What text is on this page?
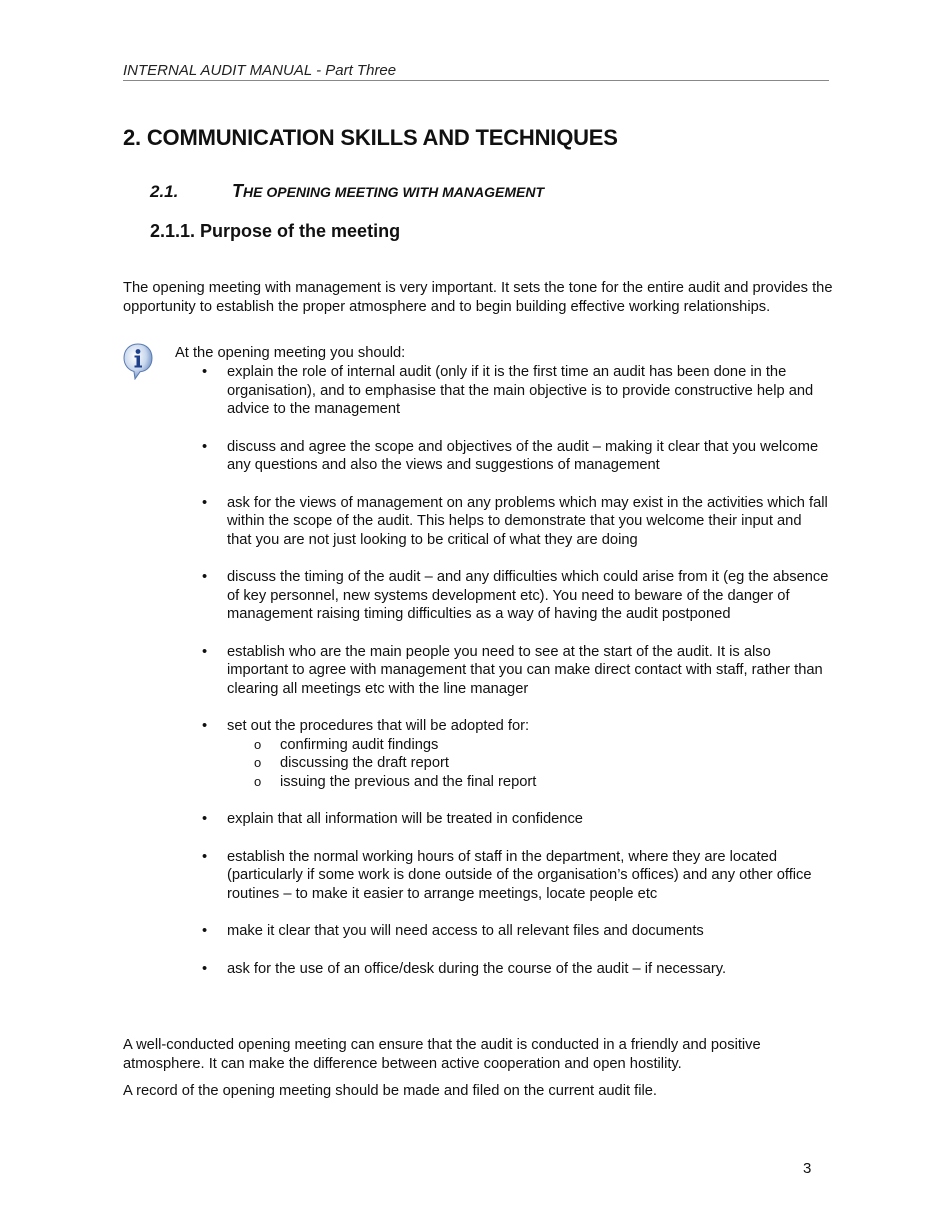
INTERNAL AUDIT MANUAL - Part Three
2. COMMUNICATION SKILLS AND TECHNIQUES
2.1.	THE OPENING MEETING WITH MANAGEMENT
2.1.1. Purpose of the meeting

The opening meeting with management is very important. It sets the tone for the entire audit and provides the opportunity to establish the proper atmosphere and to begin building effective working relationships.

At the opening meeting you should:

• explain the role of internal audit (only if it is the first time an audit has been done in the organisation), and to emphasise that the main objective is to provide constructive help and advice to the management
• discuss and agree the scope and objectives of the audit – making it clear that you welcome any questions and also the views and suggestions of management
• ask for the views of management on any problems which may exist in the activities which fall within the scope of the audit. This helps to demonstrate that you welcome their input and that you are not just looking to be critical of what they are doing
• discuss the timing of the audit – and any difficulties which could arise from it (eg the absence of key personnel, new systems development etc). You need to beware of the danger of management raising timing difficulties as a way of having the audit postponed
• establish who are the main people you need to see at the start of the audit. It is also important to agree with management that you can make direct contact with staff, rather than clearing all meetings etc with the line manager
• set out the procedures that will be adopted for:
o confirming audit findings
o discussing the draft report
o issuing the previous and the final report
• explain that all information will be treated in confidence
• establish the normal working hours of staff in the department, where they are located (particularly if some work is done outside of the organisation’s offices) and any other office routines – to make it easier to arrange meetings, locate people etc
• make it clear that you will need access to all relevant files and documents
• ask for the use of an office/desk during the course of the audit – if necessary.

A well-conducted opening meeting can ensure that the audit is conducted in a friendly and positive atmosphere. It can make the difference between active cooperation and open hostility.

A record of the opening meeting should be made and filed on the current audit file.

3
